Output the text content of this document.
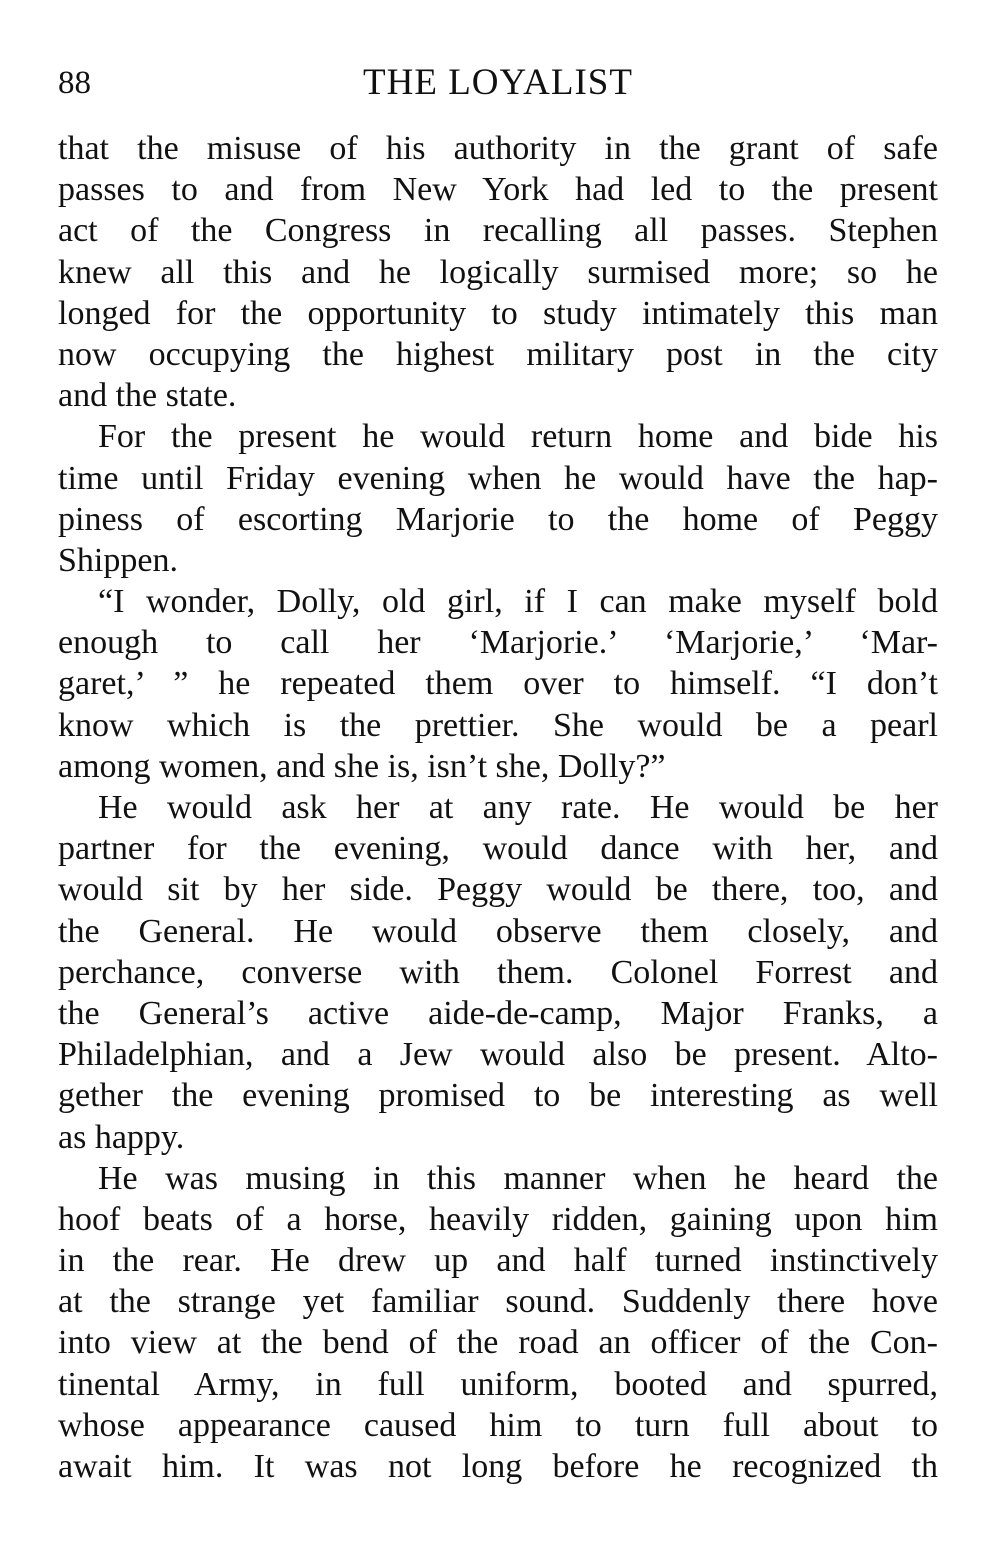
88	THE LOYALIST
that the misuse of his authority in the grant of safe
passes to and from New York had led to the present
act of the Congress in recalling all passes. Stephen
knew all this and he logically surmised more; so he
longed for the opportunity to study intimately this man
now occupying the highest military post in the city
and the state.
For the present he would return home and bide his
time until Friday evening when he would have the hap-
piness of escorting Marjorie to the home of Peggy
Shippen.
“I wonder, Dolly, old girl, if I can make myself bold
enough to call her ‘Marjorie.’ ‘Marjorie,’ ‘Mar-
garet,’ ” he repeated them over to himself. “I don’t
know which is the prettier. She would be a pearl
among women, and she is, isn’t she, Dolly?”
He would ask her at any rate. He would be her
partner for the evening, would dance with her, and
would sit by her side. Peggy would be there, too, and
the General. He would observe them closely, and
perchance, converse with them. Colonel Forrest and
the General’s active aide-de-camp, Major Franks, a
Philadelphian, and a Jew would also be present. Alto-
gether the evening promised to be interesting as well
as happy.
He was musing in this manner when he heard the
hoof beats of a horse, heavily ridden, gaining upon him
in the rear. He drew up and half turned instinctively
at the strange yet familiar sound. Suddenly there hove
into view at the bend of the road an officer of the Con-
tinental Army, in full uniform, booted and spurred,
whose appearance caused him to turn full about to
await him. It was not long before he recognized th
